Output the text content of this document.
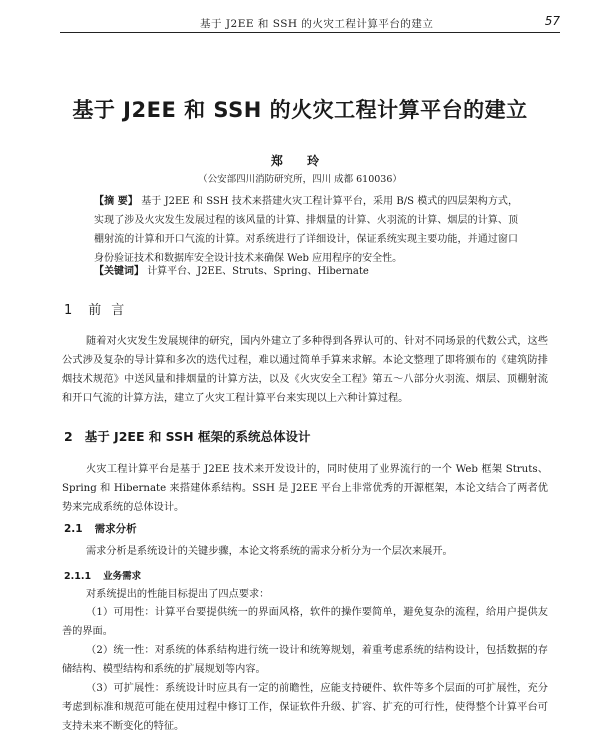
基于 J2EE 和 SSH 的火灾工程计算平台的建立	57
基于 J2EE 和 SSH 的火灾工程计算平台的建立
郑 玲
（公安部四川消防研究所，四川 成都 610036）
【摘 要】 基于 J2EE 和 SSH 技术来搭建火灾工程计算平台，采用 B/S 模式的四层架构方式，实现了涉及火灾发生发展过程的该风量的计算、排烟量的计算、火羽流的计算、烟层的计算、顶棚射流的计算和开口气流的计算。对系统进行了详细设计，保证系统实现主要功能，并通过窗口身份验证技术和数据库安全设计技术来确保 Web 应用程序的安全性。
【关键词】 计算平台、J2EE、Struts、Spring、Hibernate
1 前言
随着对火灾发生发展规律的研究，国内外建立了多种得到各界认可的、针对不同场景的代数公式，这些公式涉及复杂的导计算和多次的迭代过程，难以通过简单手算来求解。本论文整理了即将颁布的《建筑防排烟技术规范》中送风量和排烟量的计算方法，以及《火灾安全工程》第五～八部分火羽流、烟层、顶棚射流和开口气流的计算方法，建立了火灾工程计算平台来实现以上六种计算过程。
2 基于 J2EE 和 SSH 框架的系统总体设计
火灾工程计算平台是基于 J2EE 技术来开发设计的，同时使用了业界流行的一个 Web 框架 Struts、Spring 和 Hibernate 来搭建体系结构。SSH 是 J2EE 平台上非常优秀的开源框架，本论文结合了两者优势来完成系统的总体设计。
2.1 需求分析
需求分析是系统设计的关键步骤，本论文将系统的需求分析分为一个层次来展开。
2.1.1 业务需求
对系统提出的性能目标提出了四点要求：
（1）可用性：计算平台要提供统一的界面风格，软件的操作要简单，避免复杂的流程，给用户提供友善的界面。
（2）统一性：对系统的体系结构进行统一设计和统筹规划，着重考虑系统的结构设计，包括数据的存储结构、模型结构和系统的扩展规划等内容。
（3）可扩展性：系统设计时应具有一定的前瞻性，应能支持硬件、软件等多个层面的可扩展性，充分考虑到标准和规范可能在使用过程中修订工作，保证软件升级、扩容、扩充的可行性，使得整个计算平台可支持未来不断变化的特征。
